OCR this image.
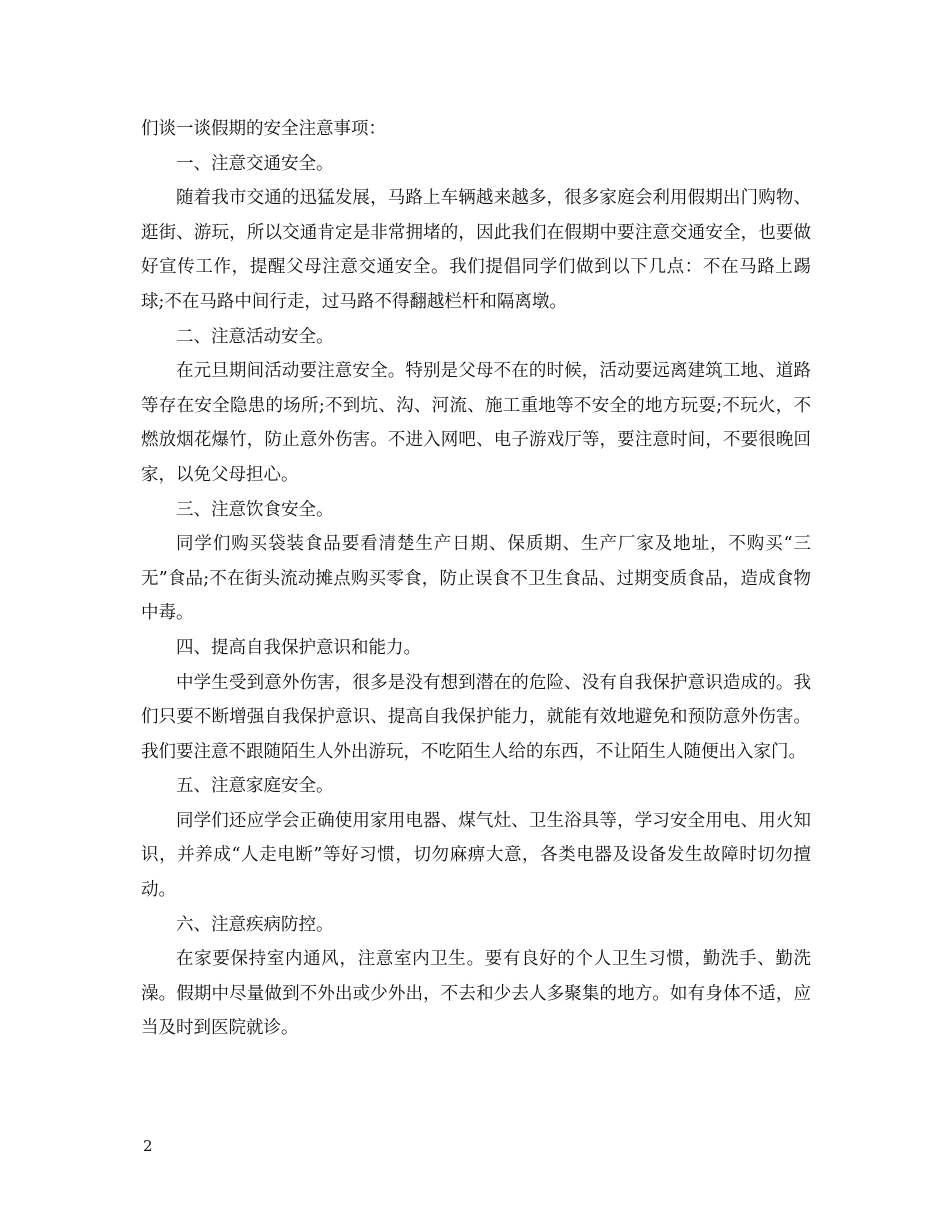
们谈一谈假期的安全注意事项：

一、注意交通安全。

随着我市交通的迅猛发展，马路上车辆越来越多，很多家庭会利用假期出门购物、逛街、游玩，所以交通肯定是非常拥堵的，因此我们在假期中要注意交通安全，也要做好宣传工作，提醒父母注意交通安全。我们提倡同学们做到以下几点：不在马路上踢球;不在马路中间行走，过马路不得翻越栏杆和隔离墩。

二、注意活动安全。

在元旦期间活动要注意安全。特别是父母不在的时候，活动要远离建筑工地、道路等存在安全隐患的场所;不到坑、沟、河流、施工重地等不安全的地方玩耍;不玩火，不燃放烟花爆竹，防止意外伤害。不进入网吧、电子游戏厅等，要注意时间，不要很晚回家，以免父母担心。

三、注意饮食安全。

同学们购买袋装食品要看清楚生产日期、保质期、生产厂家及地址，不购买“三无”食品;不在街头流动摊点购买零食，防止误食不卫生食品、过期变质食品，造成食物中毒。

四、提高自我保护意识和能力。

中学生受到意外伤害，很多是没有想到潜在的危险、没有自我保护意识造成的。我们只要不断增强自我保护意识、提高自我保护能力，就能有效地避免和预防意外伤害。我们要注意不跟随陌生人外出游玩，不吃陌生人给的东西，不让陌生人随便出入家门。

五、注意家庭安全。

同学们还应学会正确使用家用电器、煤气灶、卫生浴具等，学习安全用电、用火知识，并养成“人走电断”等好习惯，切勿麻痹大意，各类电器及设备发生故障时切勿擅动。

六、注意疾病防控。

在家要保持室内通风，注意室内卫生。要有良好的个人卫生习惯，勤洗手、勤洗澡。假期中尽量做到不外出或少外出，不去和少去人多聚集的地方。如有身体不适，应当及时到医院就诊。

2
